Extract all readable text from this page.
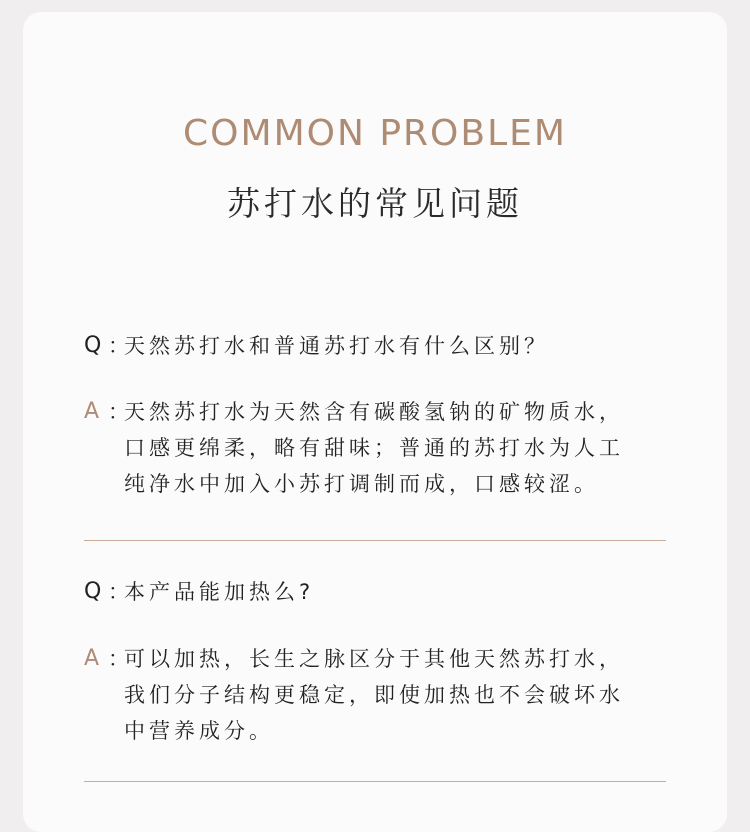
COMMON PROBLEM
苏打水的常见问题
Q ：
天然苏打水和普通苏打水有什么区别？
A ：
天然苏打水为天然含有碳酸氢钠的矿物质水，
口感更绵柔，略有甜味；普通的苏打水为人工
纯净水中加入小苏打调制而成，口感较涩。
Q ：
本产品能加热么?
A ：
可以加热，长生之脉区分于其他天然苏打水，
我们分子结构更稳定，即使加热也不会破坏水
中营养成分。
